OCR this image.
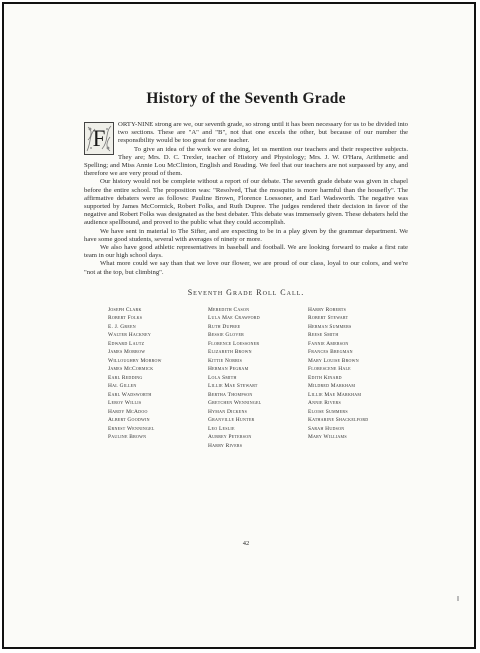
History of the Seventh Grade

F
ORTY-NINE strong are we, our seventh grade, so strong until it has been necessary for us to be divided into two sections. These are "A" and "B", not that one excels the other, but because of our number the responsibility would be too great for one teacher.

To give an idea of the work we are doing, let us mention our teachers and their respective subjects. They are; Mrs. D. C. Trexler, teacher of History and Physiology; Mrs. J. W. O'Hara, Arithmetic and Spelling; and Miss Annie Lou McClinton, English and Reading. We feel that our teachers are not surpassed by any, and therefore we are very proud of them.

Our history would not be complete without a report of our debate. The seventh grade debate was given in chapel before the entire school. The proposition was: "Resolved, That the mosquito is more harmful than the housefly". The affirmative debaters were as follows: Pauline Brown, Florence Loessoner, and Earl Wadsworth. The negative was supported by James McCormick, Robert Folks, and Ruth Dupree. The judges rendered their decision in favor of the negative and Robert Folks was designated as the best debater. This debate was immensely given. These debaters held the audience spellbound, and proved to the public what they could accomplish.

We have sent in material to The Sifter, and are expecting to be in a play given by the grammar department. We have some good students, several with averages of ninety or more.

We also have good athletic representatives in baseball and football. We are looking forward to make a first rate team in our high school days.

What more could we say than that we love our flower, we are proud of our class, loyal to our colors, and we're "not at the top, but climbing".

Seventh Grade Roll Call.
Joseph Clark
Robert Folks
E. J. Green
Walter Hackney
Edward Lautz
James Morrow
Willoughby Morrow
James McCormick
Earl Redding
Hal Gillen
Earl Wadsworth
Leroy Willis
Hardy McAdoo
Albert Goodwin
Ernest Wenningel
Pauline Brown
Meredith Cason
Lula Mae Crawford
Ruth Dupree
Bessie Glover
Florence Loessoner
Elizabeth Brown
Kittie Norris
Herman Pegram
Lola Smith
Lillie Mae Stewart
Bertha Thompson
Gretchen Wenningel
Hyman Dickens
Granville Hunter
Leo Leslie
Aubrey Peterson
Harry Rivers
Harry Roberts
Robert Stewart
Herman Summers
Reese Smith
Fannie Amerson
Frances Bregman
Mary Louise Brown
Florescene Hale
Edith Kinard
Mildred Markham
Lillie Mae Markham
Annie Rivers
Eloise Summers
Katharine Shackelford
Sarah Hudson
Mary Williams
42
